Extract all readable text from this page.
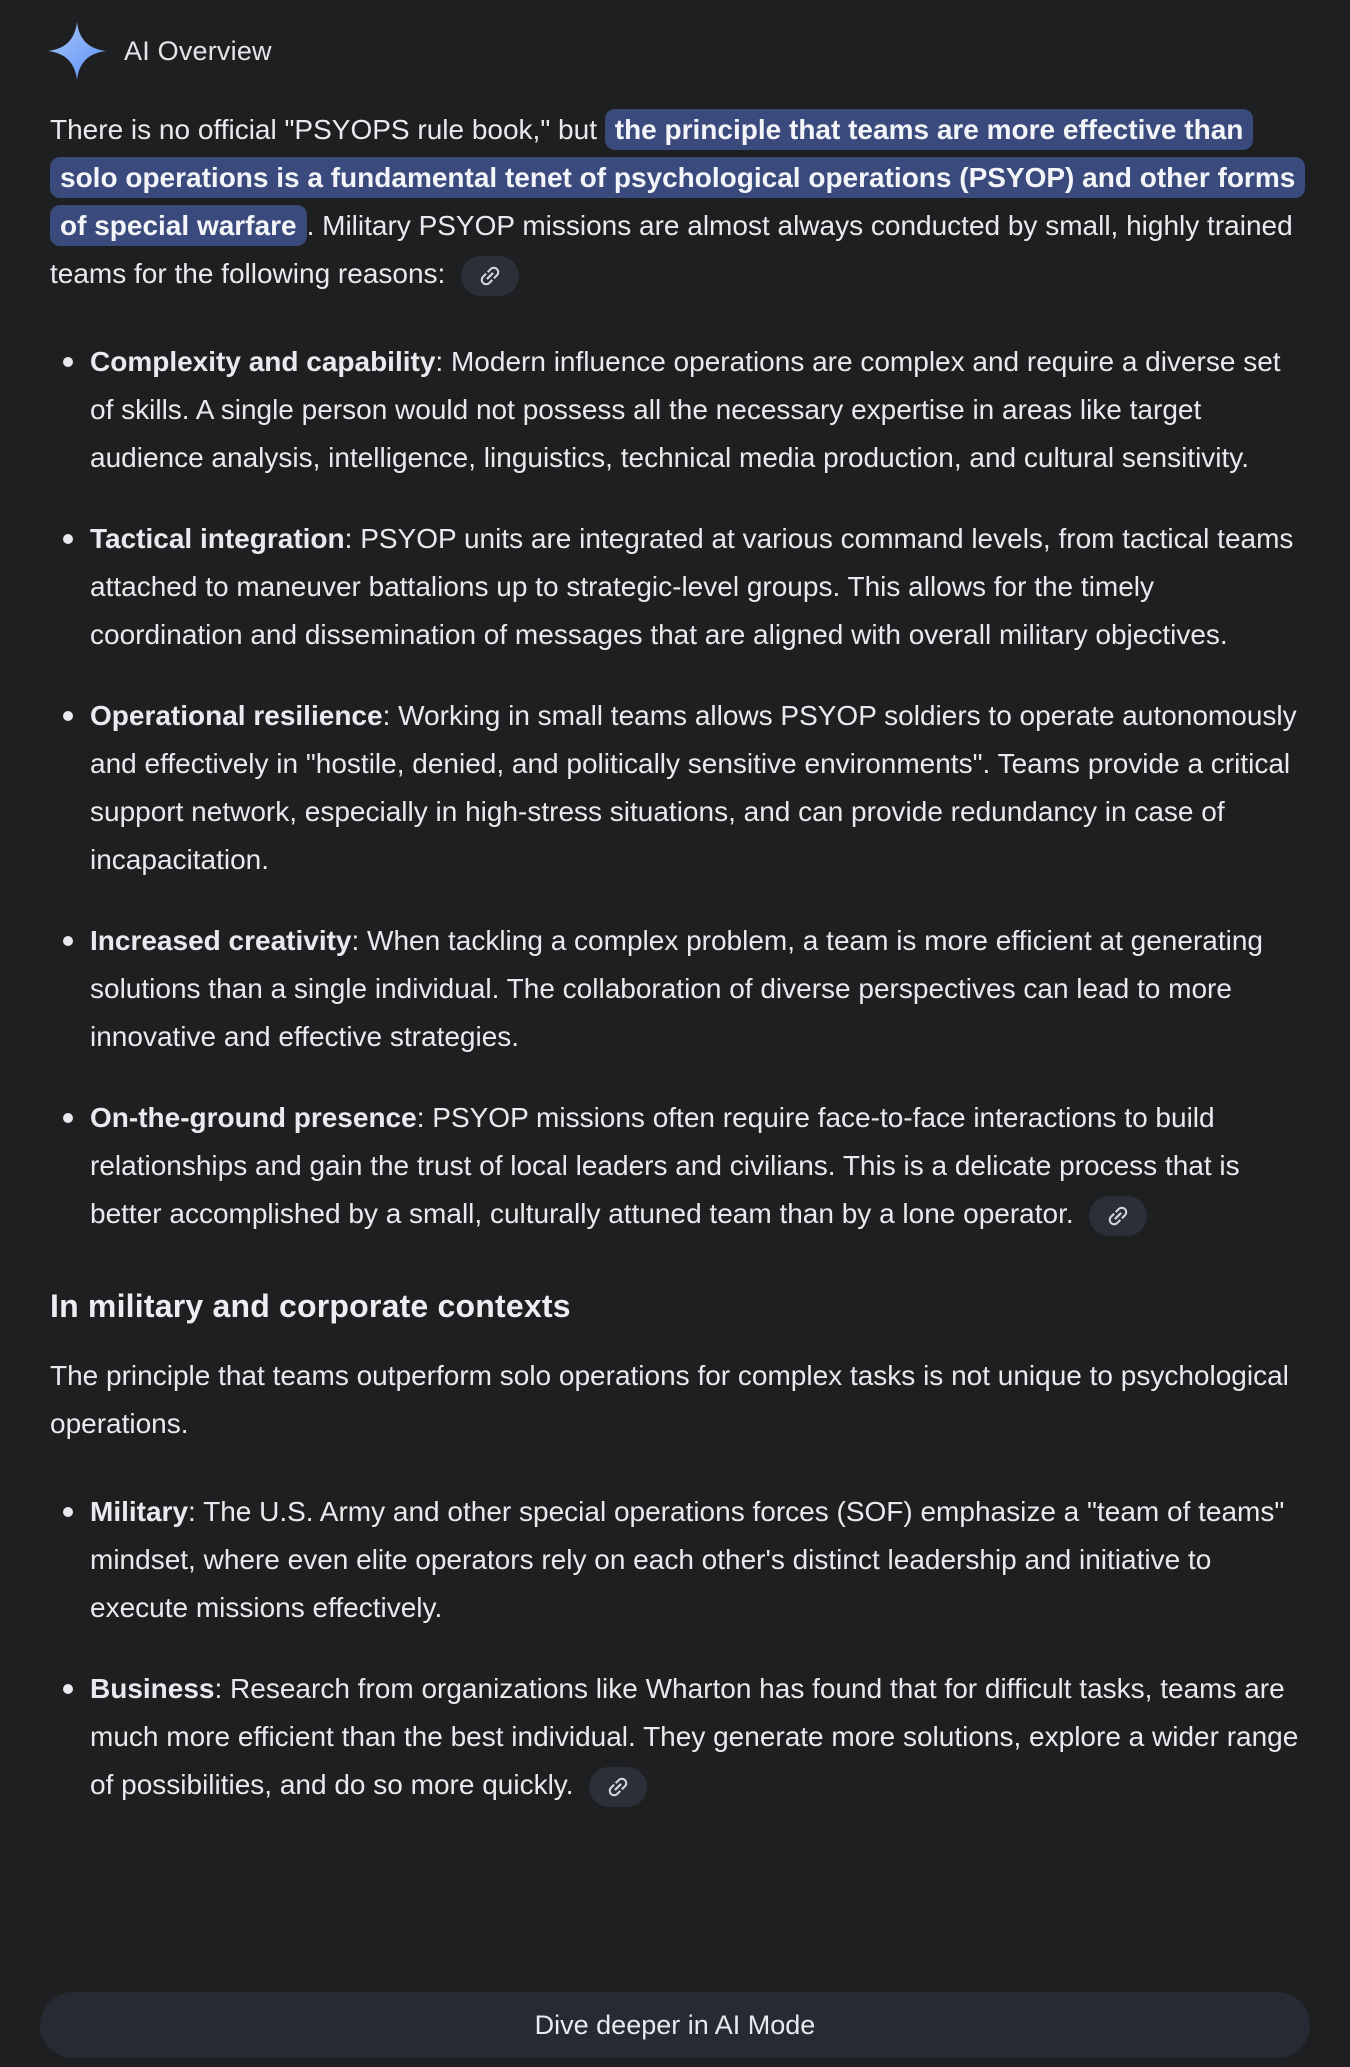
AI Overview

There is no official "PSYOPS rule book," but the principle that teams are more effective than solo operations is a fundamental tenet of psychological operations (PSYOP) and other forms of special warfare . Military PSYOP missions are almost always conducted by small, highly trained teams for the following reasons:

Complexity and capability: Modern influence operations are complex and require a diverse set of skills. A single person would not possess all the necessary expertise in areas like target audience analysis, intelligence, linguistics, technical media production, and cultural sensitivity.
Tactical integration: PSYOP units are integrated at various command levels, from tactical teams attached to maneuver battalions up to strategic-level groups. This allows for the timely coordination and dissemination of messages that are aligned with overall military objectives.
Operational resilience: Working in small teams allows PSYOP soldiers to operate autonomously and effectively in "hostile, denied, and politically sensitive environments". Teams provide a critical support network, especially in high-stress situations, and can provide redundancy in case of incapacitation.
Increased creativity: When tackling a complex problem, a team is more efficient at generating solutions than a single individual. The collaboration of diverse perspectives can lead to more innovative and effective strategies.
On-the-ground presence: PSYOP missions often require face-to-face interactions to build relationships and gain the trust of local leaders and civilians. This is a delicate process that is better accomplished by a small, culturally attuned team than by a lone operator.
In military and corporate contexts

The principle that teams outperform solo operations for complex tasks is not unique to psychological operations.

Military: The U.S. Army and other special operations forces (SOF) emphasize a "team of teams" mindset, where even elite operators rely on each other's distinct leadership and initiative to execute missions effectively.
Business: Research from organizations like Wharton has found that for difficult tasks, teams are much more efficient than the best individual. They generate more solutions, explore a wider range of possibilities, and do so more quickly.
Dive deeper in AI Mode
